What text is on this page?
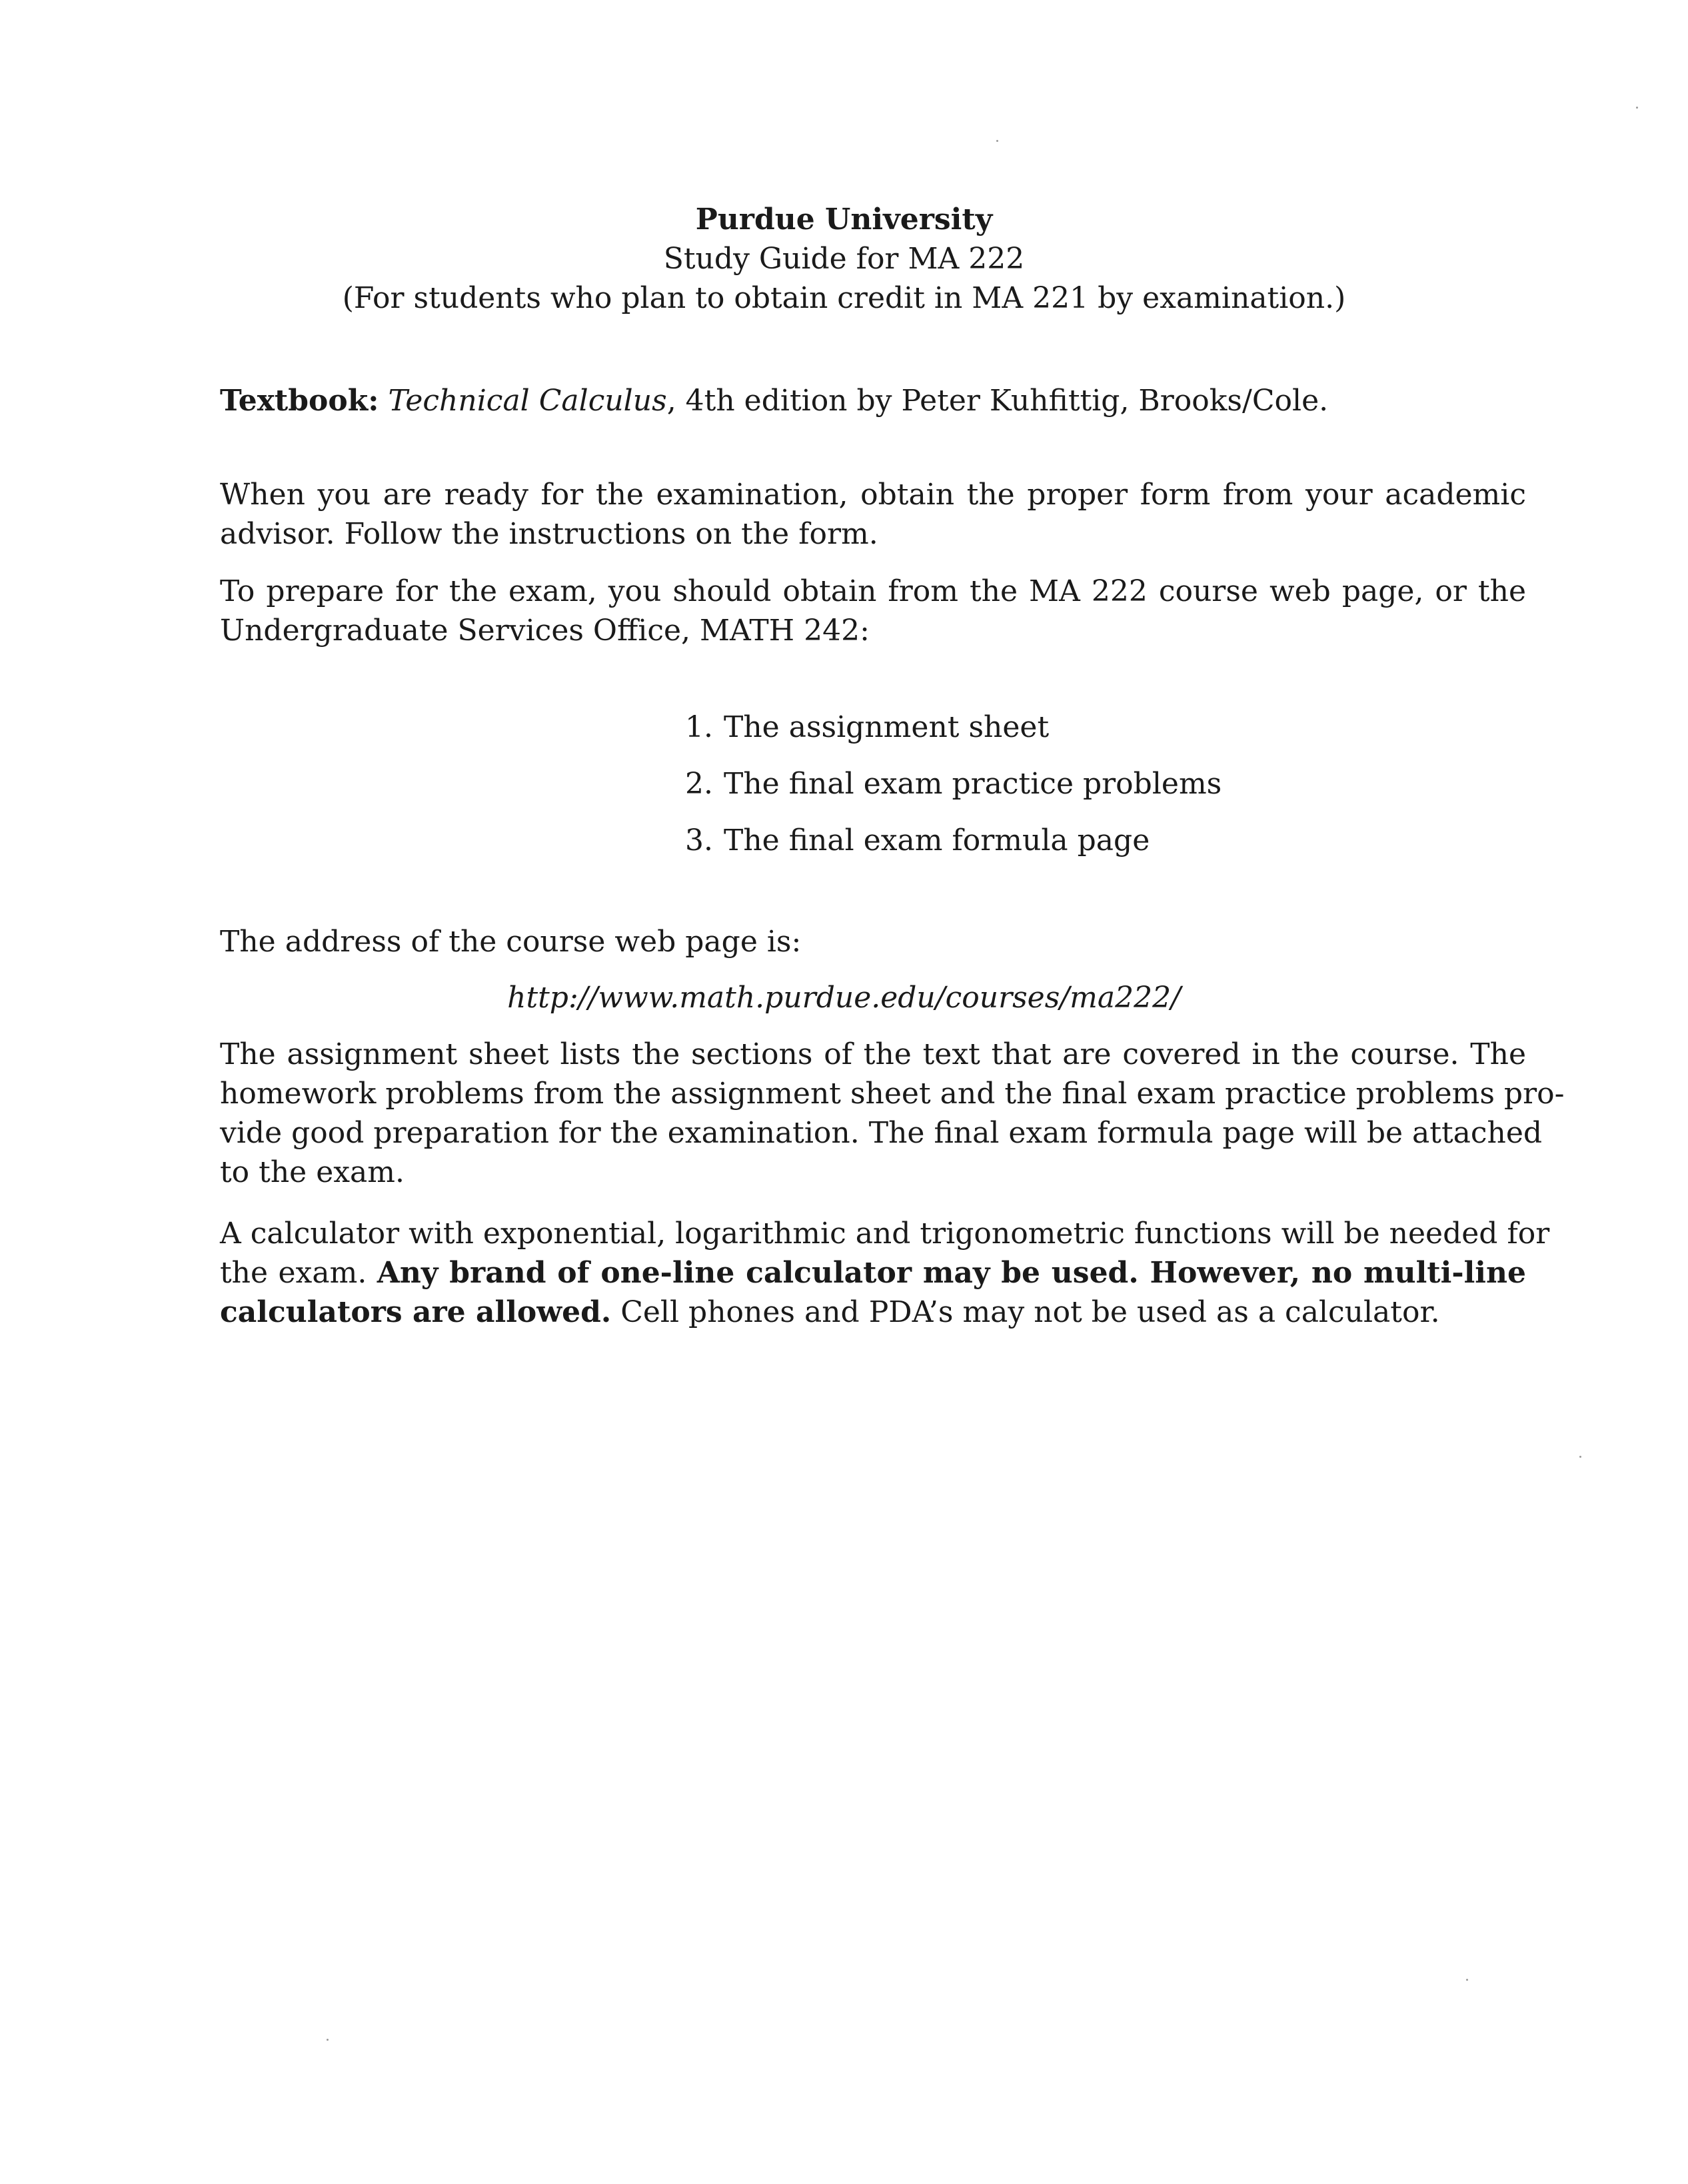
Purdue University
Study Guide for MA 222
(For students who plan to obtain credit in MA 221 by examination.)
Textbook: Technical Calculus, 4th edition by Peter Kuhfittig, Brooks/Cole.
When you are ready for the examination, obtain the proper form from your academic
advisor. Follow the instructions on the form.
To prepare for the exam, you should obtain from the MA 222 course web page, or the
Undergraduate Services Office, MATH 242:
1. The assignment sheet
2. The final exam practice problems
3. The final exam formula page
The address of the course web page is:
http://www.math.purdue.edu/courses/ma222/
The assignment sheet lists the sections of the text that are covered in the course. The
homework problems from the assignment sheet and the final exam practice problems pro-
vide good preparation for the examination. The final exam formula page will be attached
to the exam.
A calculator with exponential, logarithmic and trigonometric functions will be needed for
the exam. Any brand of one-line calculator may be used. However, no multi-line
calculators are allowed. Cell phones and PDA’s may not be used as a calculator.
